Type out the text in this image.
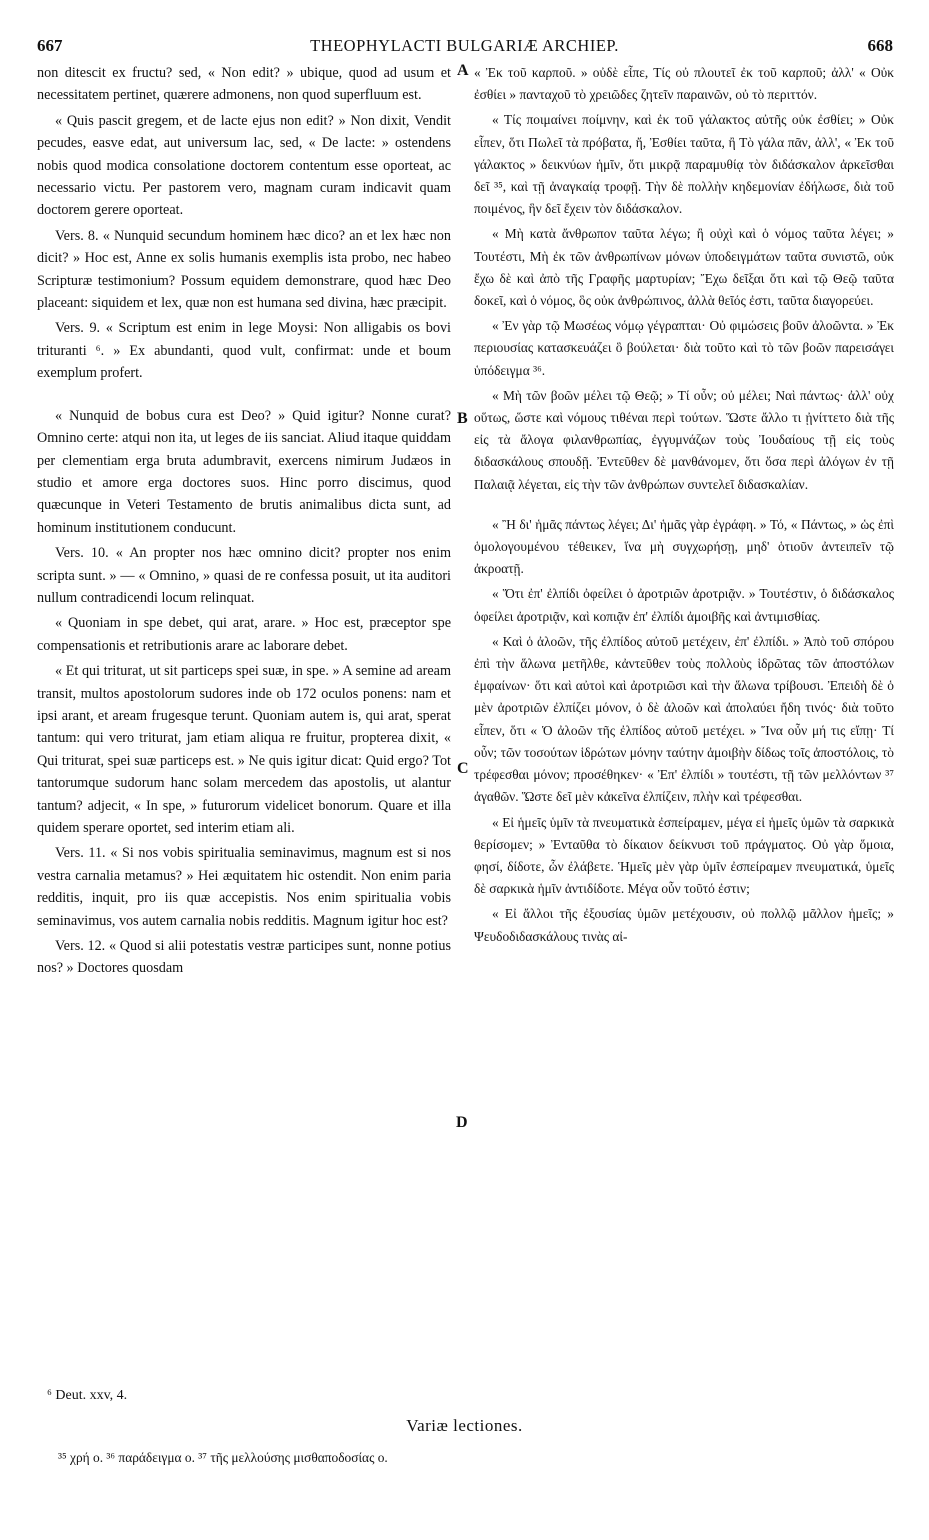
667	THEOPHYLACTI BULGARIÆ ARCHIEP.	668
A
B
C
D

non ditescit ex fructu? sed, « Non edit? » ubique, quod ad usum et necessitatem pertinet, quærere admonens, non quod superfluum est.

« Quis pascit gregem, et de lacte ejus non edit? » Non dixit, Vendit pecudes, easve edat, aut universum lac, sed, « De lacte: » ostendens nobis quod modica consolatione doctorem contentum esse oporteat, ac necessario victu. Per pastorem vero, magnam curam indicavit quam doctorem gerere oporteat.

Vers. 8. « Nunquid secundum hominem hæc dico? an et lex hæc non dicit? » Hoc est, Anne ex solis humanis exemplis ista probo, nec habeo Scripturæ testimonium? Possum equidem demonstrare, quod hæc Deo placeant: siquidem et lex, quæ non est humana sed divina, hæc præcipit.

Vers. 9. « Scriptum est enim in lege Moysi: Non alligabis os bovi trituranti ⁶. » Ex abundanti, quod vult, confirmat: unde et boum exemplum profert.

« Nunquid de bobus cura est Deo? » Quid igitur? Nonne curat? Omnino certe: atqui non ita, ut leges de iis sanciat. Aliud itaque quiddam per clementiam erga bruta adumbravit, exercens nimirum Judæos in studio et amore erga doctores suos. Hinc porro discimus, quod quæcunque in Veteri Testamento de brutis animalibus dicta sunt, ad hominum institutionem conducunt.

Vers. 10. « An propter nos hæc omnino dicit? propter nos enim scripta sunt. » — « Omnino, » quasi de re confessa posuit, ut ita auditori nullum contradicendi locum relinquat.

« Quoniam in spe debet, qui arat, arare. » Hoc est, præceptor spe compensationis et retributionis arare ac laborare debet.

« Et qui triturat, ut sit particeps spei suæ, in spe. » A semine ad aream transit, multos apostolorum sudores inde ob 172 oculos ponens: nam et ipsi arant, et aream frugesque terunt. Quoniam autem is, qui arat, sperat tantum: qui vero triturat, jam etiam aliqua re fruitur, propterea dixit, « Qui triturat, spei suæ particeps est. » Ne quis igitur dicat: Quid ergo? Tot tantorumque sudorum hanc solam mercedem das apostolis, ut alantur tantum? adjecit, « In spe, » futurorum videlicet bonorum. Quare et illa quidem sperare oportet, sed interim etiam ali.

Vers. 11. « Si nos vobis spiritualia seminavimus, magnum est si nos vestra carnalia metamus? » Hei æquitatem hic ostendit. Non enim paria redditis, inquit, pro iis quæ accepistis. Nos enim spiritualia vobis seminavimus, vos autem carnalia nobis redditis. Magnum igitur hoc est?

Vers. 12. « Quod si alii potestatis vestræ participes sunt, nonne potius nos? » Doctores quosdam

« Ἐκ τοῦ καρποῦ. » οὐδὲ εἶπε, Τίς οὐ πλουτεῖ ἐκ τοῦ καρποῦ; ἀλλ' « Οὐκ ἐσθίει » πανταχοῦ τὸ χρειῶδες ζητεῖν παραινῶν, οὐ τὸ περιττόν.

« Τίς ποιμαίνει ποίμνην, καὶ ἐκ τοῦ γάλακτος αὐτῆς οὐκ ἐσθίει; » Οὐκ εἶπεν, ὅτι Πωλεῖ τὰ πρόβατα, ἤ, Ἐσθίει ταῦτα, ἢ Τὸ γάλα πᾶν, ἀλλ', « Ἐκ τοῦ γάλακτος » δεικνύων ἡμῖν, ὅτι μικρᾷ παραμυθίᾳ τὸν διδάσκαλον ἀρκεῖσθαι δεῖ ³⁵, καὶ τῇ ἀναγκαίᾳ τροφῇ. Τὴν δὲ πολλὴν κηδεμονίαν ἐδήλωσε, διὰ τοῦ ποιμένος, ἣν δεῖ ἔχειν τὸν διδάσκαλον.

« Μὴ κατὰ ἄνθρωπον ταῦτα λέγω; ἢ οὐχὶ καὶ ὁ νόμος ταῦτα λέγει; » Τουτέστι, Μὴ ἐκ τῶν ἀνθρωπίνων μόνων ὑποδειγμάτων ταῦτα συνιστῶ, οὐκ ἔχω δὲ καὶ ἀπὸ τῆς Γραφῆς μαρτυρίαν; Ἔχω δεῖξαι ὅτι καὶ τῷ Θεῷ ταῦτα δοκεῖ, καὶ ὁ νόμος, ὃς οὐκ ἀνθρώπινος, ἀλλὰ θεῖός ἐστι, ταῦτα διαγορεύει.

« Ἐν γὰρ τῷ Μωσέως νόμῳ γέγραπται· Οὐ φιμώσεις βοῦν ἀλοῶντα. » Ἐκ περιουσίας κατασκευάζει ὃ βούλεται· διὰ τοῦτο καὶ τὸ τῶν βοῶν παρεισάγει ὑπόδειγμα ³⁶.

« Μὴ τῶν βοῶν μέλει τῷ Θεῷ; » Τί οὖν; οὐ μέλει; Ναὶ πάντως· ἀλλ' οὐχ οὕτως, ὥστε καὶ νόμους τιθέναι περὶ τούτων. Ὥστε ἄλλο τι ᾐνίττετο διὰ τῆς εἰς τὰ ἄλογα φιλανθρωπίας, ἐγγυμνάζων τοὺς Ἰουδαίους τῇ εἰς τοὺς διδασκάλους σπουδῇ. Ἐντεῦθεν δὲ μανθάνομεν, ὅτι ὅσα περὶ ἀλόγων ἐν τῇ Παλαιᾷ λέγεται, εἰς τὴν τῶν ἀνθρώπων συντελεῖ διδασκαλίαν.

« Ἢ δι' ἡμᾶς πάντως λέγει; Δι' ἡμᾶς γὰρ ἐγράφη. » Τό, « Πάντως, » ὡς ἐπὶ ὁμολογουμένου τέθεικεν, ἵνα μὴ συγχωρήσῃ, μηδ' ὁτιοῦν ἀντειπεῖν τῷ ἀκροατῇ.

« Ὅτι ἐπ' ἐλπίδι ὀφείλει ὁ ἀροτριῶν ἀροτριᾷν. » Τουτέστιν, ὁ διδάσκαλος ὀφείλει ἀροτριᾷν, καὶ κοπιᾷν ἐπ' ἐλπίδι ἀμοιβῆς καὶ ἀντιμισθίας.

« Καὶ ὁ ἀλοῶν, τῆς ἐλπίδος αὐτοῦ μετέχειν, ἐπ' ἐλπίδι. » Ἀπὸ τοῦ σπόρου ἐπὶ τὴν ἅλωνα μετῆλθε, κἀντεῦθεν τοὺς πολλοὺς ἱδρῶτας τῶν ἀποστόλων ἐμφαίνων· ὅτι καὶ αὐτοὶ καὶ ἀροτριῶσι καὶ τὴν ἅλωνα τρίβουσι. Ἐπειδὴ δὲ ὁ μὲν ἀροτριῶν ἐλπίζει μόνον, ὁ δὲ ἀλοῶν καὶ ἀπολαύει ἤδη τινός· διὰ τοῦτο εἶπεν, ὅτι « Ὁ ἀλοῶν τῆς ἐλπίδος αὐτοῦ μετέχει. » Ἵνα οὖν μή τις εἴπῃ· Τί οὖν; τῶν τοσούτων ἱδρώτων μόνην ταύτην ἀμοιβὴν δίδως τοῖς ἀποστόλοις, τὸ τρέφεσθαι μόνον; προσέθηκεν· « Ἐπ' ἐλπίδι » τουτέστι, τῇ τῶν μελλόντων ³⁷ ἀγαθῶν. Ὥστε δεῖ μὲν κἀκεῖνα ἐλπίζειν, πλὴν καὶ τρέφεσθαι.

« Εἰ ἡμεῖς ὑμῖν τὰ πνευματικὰ ἐσπείραμεν, μέγα εἰ ἡμεῖς ὑμῶν τὰ σαρκικὰ θερίσομεν; » Ἐνταῦθα τὸ δίκαιον δείκνυσι τοῦ πράγματος. Οὐ γὰρ ὅμοια, φησί, δίδοτε, ὧν ἐλάβετε. Ἡμεῖς μὲν γὰρ ὑμῖν ἐσπείραμεν πνευματικά, ὑμεῖς δὲ σαρκικὰ ἡμῖν ἀντιδίδοτε. Μέγα οὖν τοῦτό ἐστιν;

« Εἰ ἄλλοι τῆς ἐξουσίας ὑμῶν μετέχουσιν, οὐ πολλῷ μᾶλλον ἡμεῖς; » Ψευδοδιδασκάλους τινὰς αἰ-

⁶ Deut. xxv, 4.
Variæ lectiones.
³⁵ χρή ο. ³⁶ παράδειγμα ο. ³⁷ τῆς μελλούσης μισθαποδοσίας ο.
